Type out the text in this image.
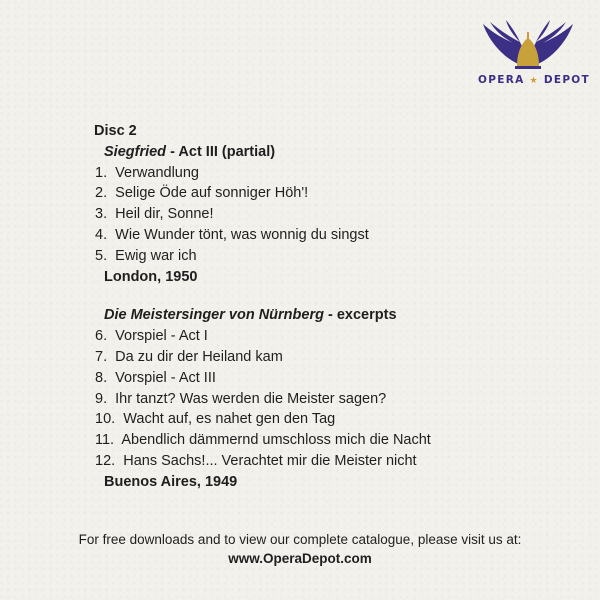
OPERA ★ DEPOT
Disc 2
Siegfried - Act III (partial)
1. Verwandlung
2. Selige Öde auf sonniger Höh'!
3. Heil dir, Sonne!
4. Wie Wunder tönt, was wonnig du singst
5. Ewig war ich
London, 1950
Die Meistersinger von Nürnberg - excerpts
6. Vorspiel - Act I
7. Da zu dir der Heiland kam
8. Vorspiel - Act III
9. Ihr tanzt? Was werden die Meister sagen?
10. Wacht auf, es nahet gen den Tag
11. Abendlich dämmernd umschloss mich die Nacht
12. Hans Sachs!... Verachtet mir die Meister nicht
Buenos Aires, 1949
For free downloads and to view our complete catalogue, please visit us at:
www.OperaDepot.com
